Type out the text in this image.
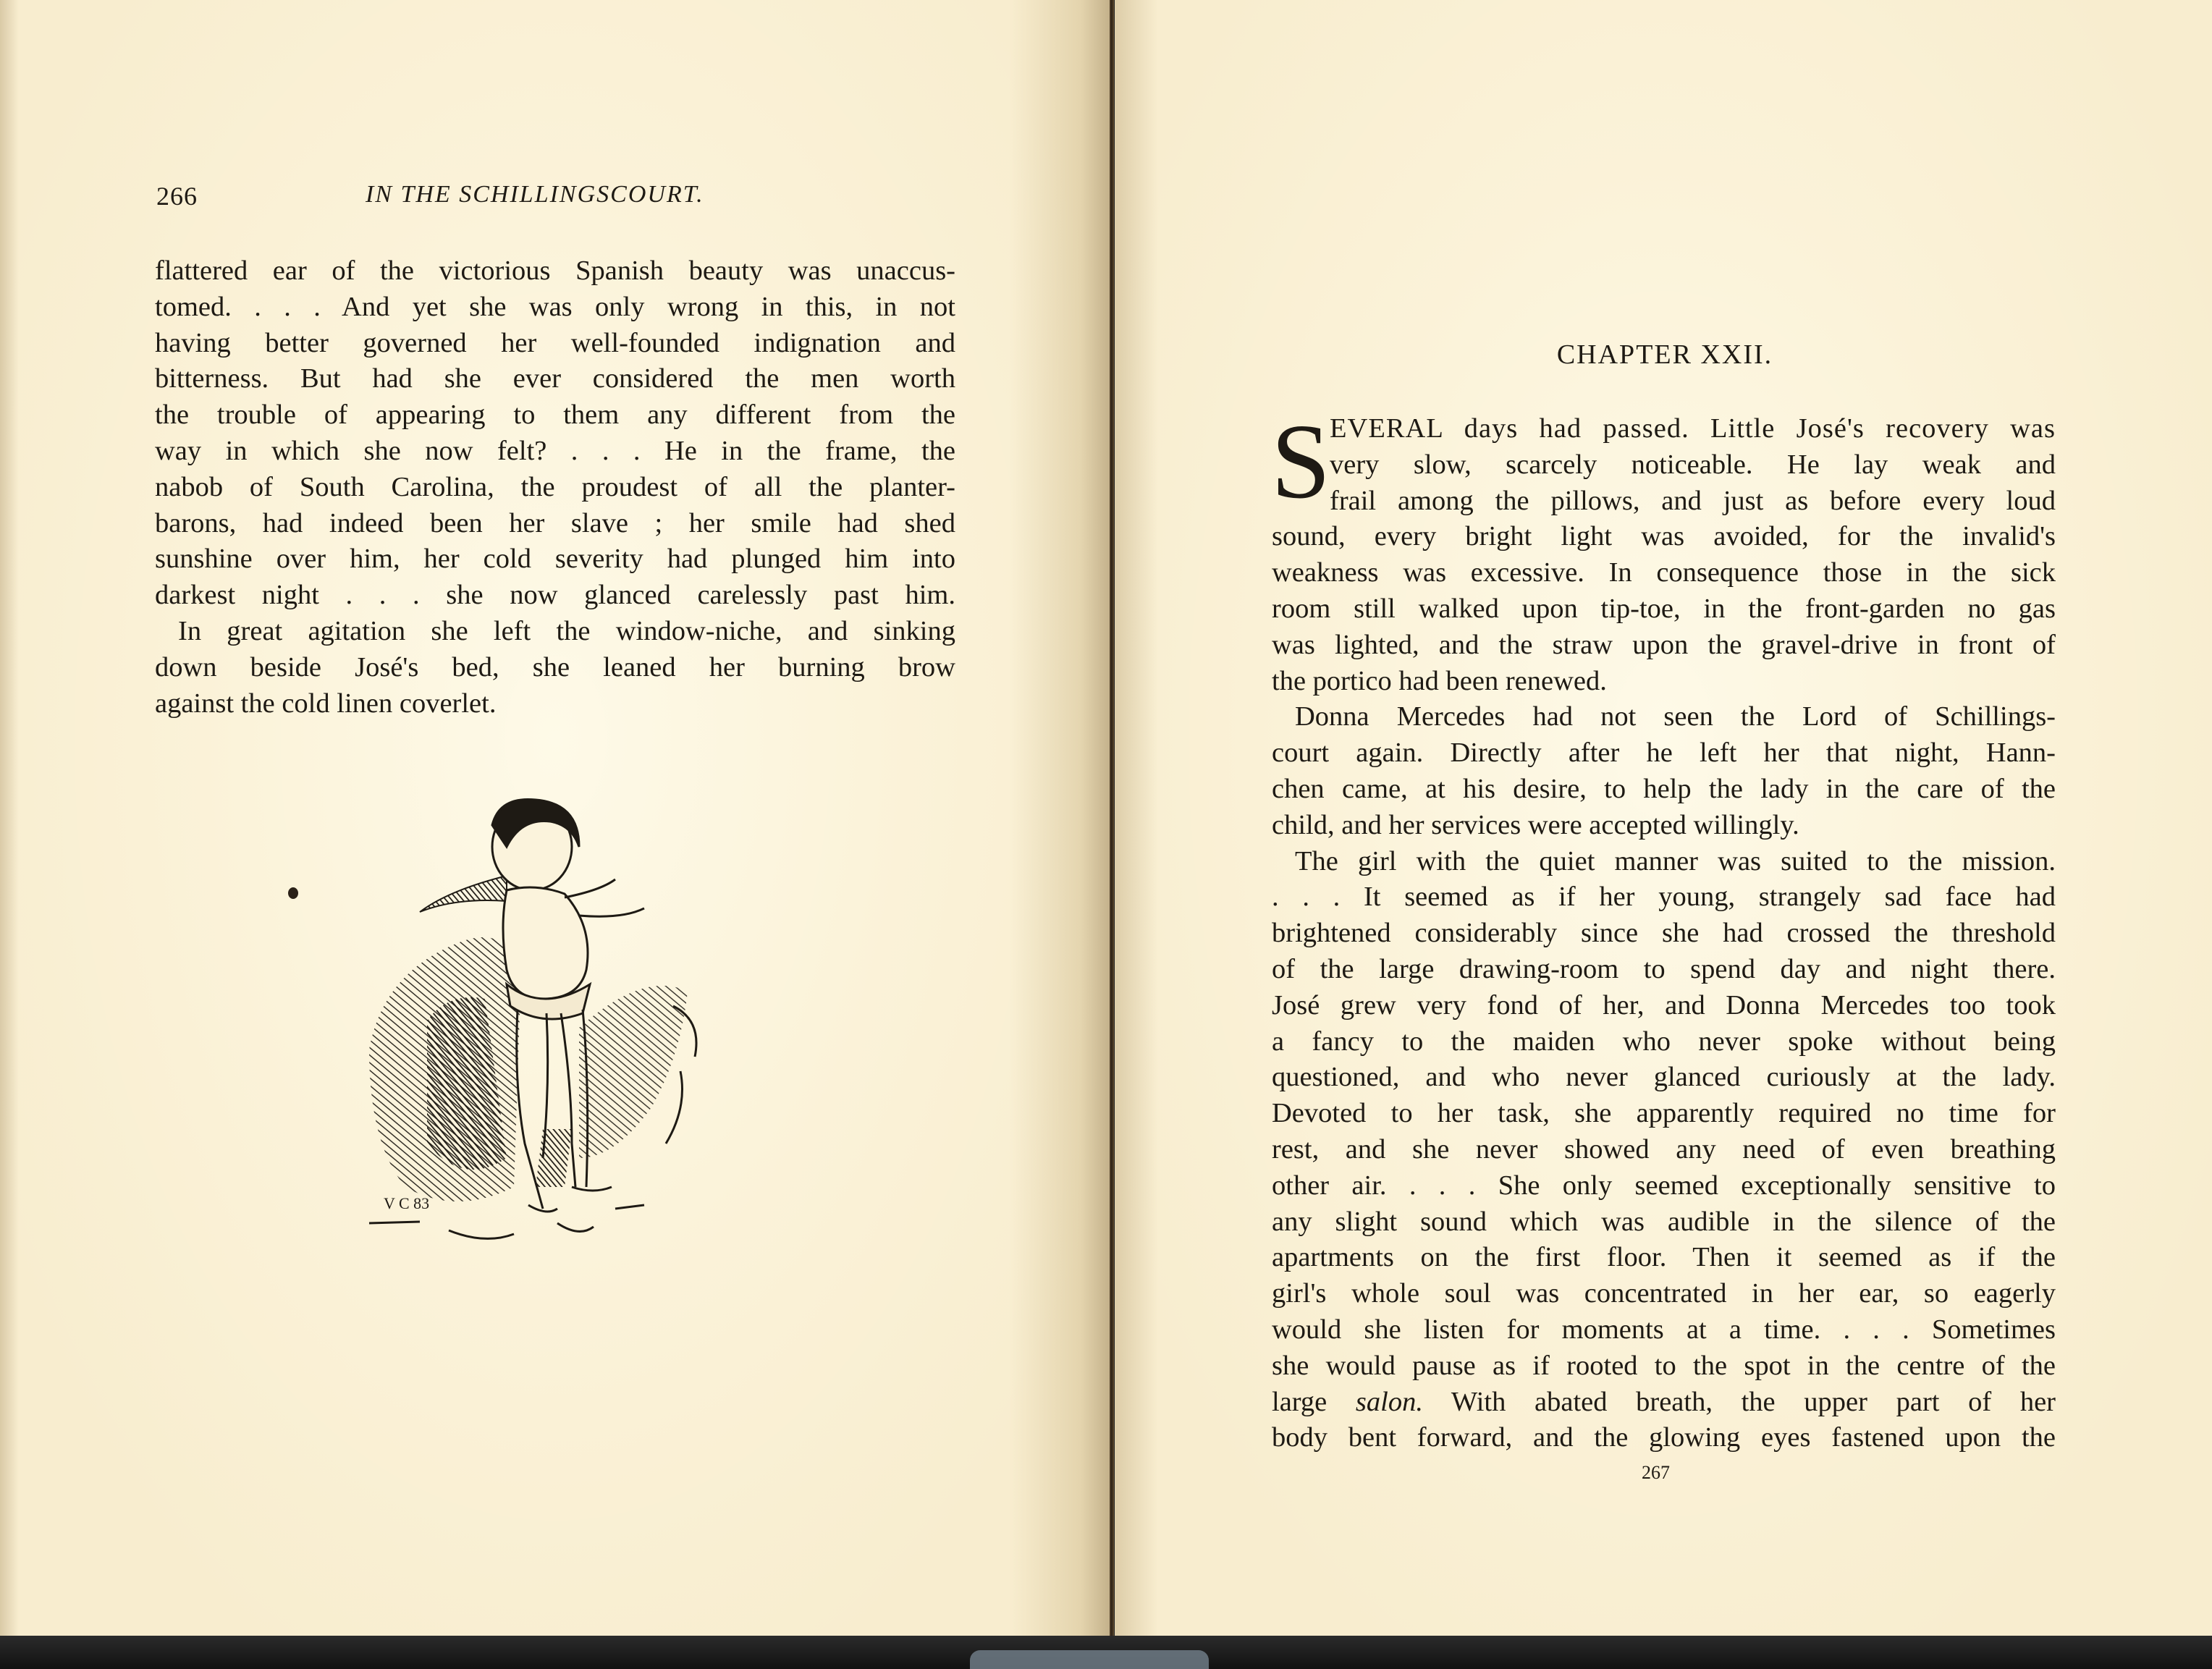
266	IN THE SCHILLINGSCOURT.
flattered ear of the victorious Spanish beauty was unaccus-
tomed. . . . And yet she was only wrong in this, in not
having better governed her well-founded indignation and
bitterness. But had she ever considered the men worth
the trouble of appearing to them any different from the
way in which she now felt? . . . He in the frame, the
nabob of South Carolina, the proudest of all the planter-
barons, had indeed been her slave ; her smile had shed
sunshine over him, her cold severity had plunged him into
darkest night . . . she now glanced carelessly past him.
In great agitation she left the window-niche, and sinking
down beside José's bed, she leaned her burning brow
against the cold linen coverlet.
V C 83
CHAPTER XXII.
S
EVERAL days had passed. Little José's recovery was
very slow, scarcely noticeable. He lay weak and
frail among the pillows, and just as before every loud
sound, every bright light was avoided, for the invalid's
weakness was excessive. In consequence those in the sick
room still walked upon tip-toe, in the front-garden no gas
was lighted, and the straw upon the gravel-drive in front of
the portico had been renewed.
Donna Mercedes had not seen the Lord of Schillings-
court again. Directly after he left her that night, Hann-
chen came, at his desire, to help the lady in the care of the
child, and her services were accepted willingly.
The girl with the quiet manner was suited to the mission.
. . . It seemed as if her young, strangely sad face had
brightened considerably since she had crossed the threshold
of the large drawing-room to spend day and night there.
José grew very fond of her, and Donna Mercedes too took
a fancy to the maiden who never spoke without being
questioned, and who never glanced curiously at the lady.
Devoted to her task, she apparently required no time for
rest, and she never showed any need of even breathing
other air. . . . She only seemed exceptionally sensitive to
any slight sound which was audible in the silence of the
apartments on the first floor. Then it seemed as if the
girl's whole soul was concentrated in her ear, so eagerly
would she listen for moments at a time. . . . Sometimes
she would pause as if rooted to the spot in the centre of the
large salon. With abated breath, the upper part of her
body bent forward, and the glowing eyes fastened upon the
267
